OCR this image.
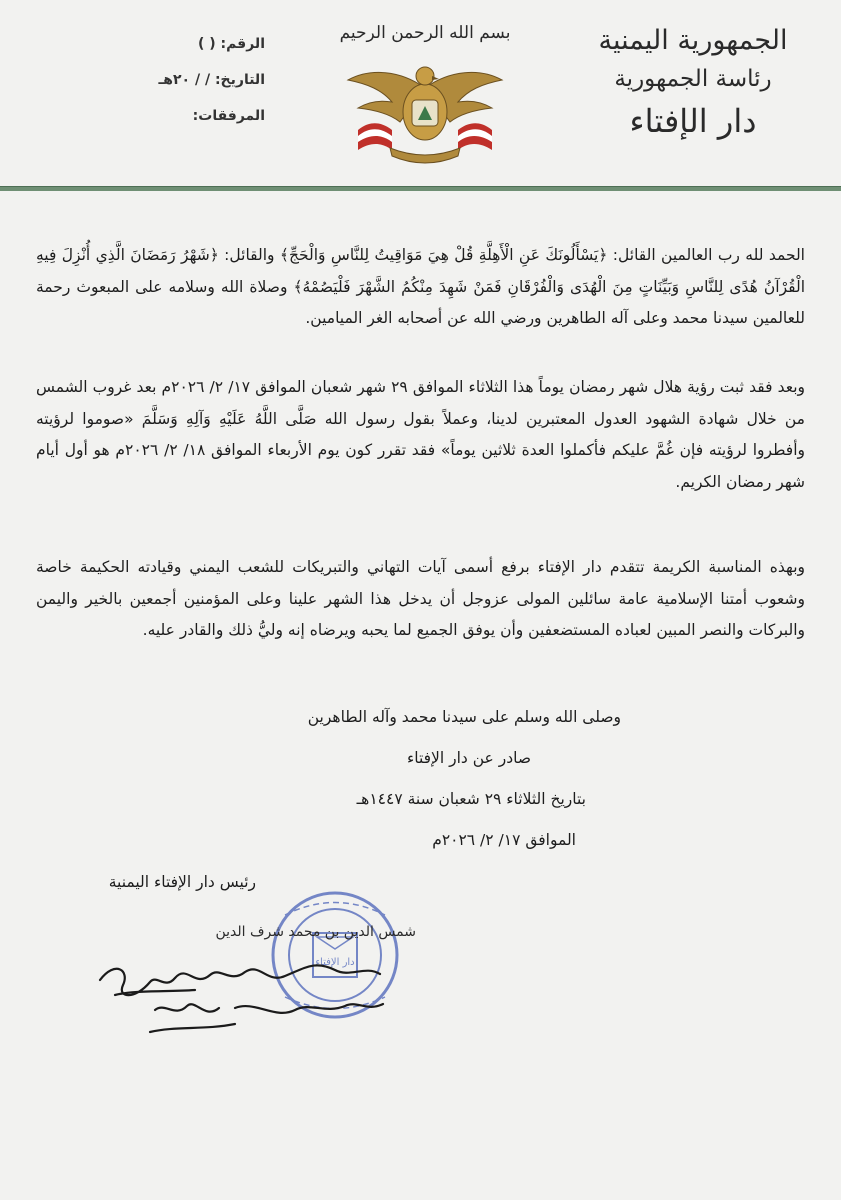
الجمهورية اليمنية
رئاسة الجمهورية
دار الإفتاء
بسم الله الرحمن الرحيم
الرقم: ( )
التاريخ: / / ٢٠هـ
المرفقات:

الحمد لله رب العالمين القائل: ﴿يَسْأَلُونَكَ عَنِ الْأَهِلَّةِ قُلْ هِيَ مَوَاقِيتُ لِلنَّاسِ وَالْحَجِّ﴾ والقائل: ﴿شَهْرُ رَمَضَانَ الَّذِي أُنْزِلَ فِيهِ الْقُرْآنُ هُدًى لِلنَّاسِ وَبَيِّنَاتٍ مِنَ الْهُدَى وَالْفُرْقَانِ فَمَنْ شَهِدَ مِنْكُمُ الشَّهْرَ فَلْيَصُمْهُ﴾ وصلاة الله وسلامه على المبعوث رحمة للعالمين سيدنا محمد وعلى آله الطاهرين ورضي الله عن أصحابه الغر الميامين.

وبعد فقد ثبت رؤية هلال شهر رمضان يوماً هذا الثلاثاء الموافق ٢٩ شهر شعبان الموافق ١٧/ ٢/ ٢٠٢٦م بعد غروب الشمس من خلال شهادة الشهود العدول المعتبرين لدينا، وعملاً بقول رسول الله صَلَّى اللَّهُ عَلَيْهِ وَآلِهِ وَسَلَّمَ «صوموا لرؤيته وأفطروا لرؤيته فإن غُمَّ عليكم فأكملوا العدة ثلاثين يوماً» فقد تقرر كون يوم الأربعاء الموافق ١٨/ ٢/ ٢٠٢٦م هو أول أيام شهر رمضان الكريم.

وبهذه المناسبة الكريمة تتقدم دار الإفتاء برفع أسمى آيات التهاني والتبريكات للشعب اليمني وقيادته الحكيمة خاصة وشعوب أمتنا الإسلامية عامة سائلين المولى عزوجل أن يدخل هذا الشهر علينا وعلى المؤمنين أجمعين بالخير واليمن والبركات والنصر المبين لعباده المستضعفين وأن يوفق الجميع لما يحبه ويرضاه إنه وليُّ ذلك والقادر عليه.

وصلى الله وسلم على سيدنا محمد وآله الطاهرين
صادر عن دار الإفتاء
بتاريخ الثلاثاء ٢٩ شعبان سنة ١٤٤٧هـ
الموافق ١٧/ ٢/ ٢٠٢٦م
رئيس دار الإفتاء اليمنية
دار الإفتاء
شمس الدين بن محمد شرف الدين
